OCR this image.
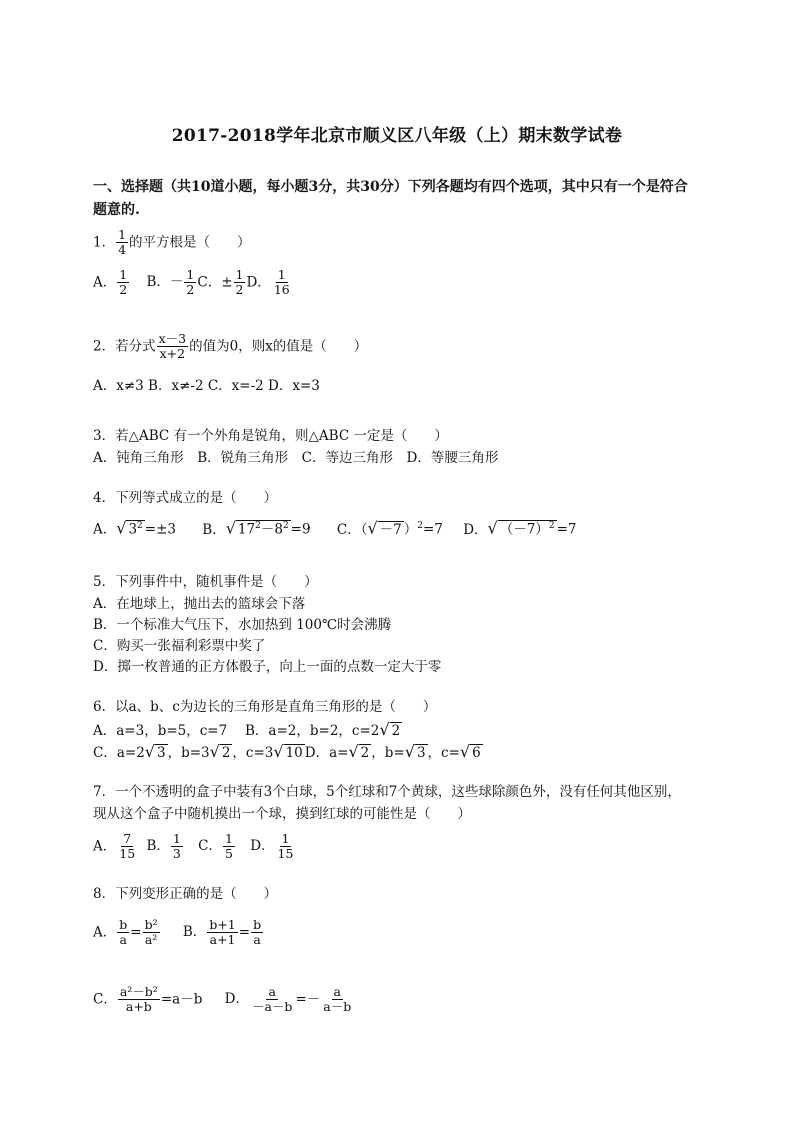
2017-2018学年北京市顺义区八年级（上）期末数学试卷
一、选择题（共10道小题，每小题3分，共30分）下列各题均有四个选项，其中只有一个是符合
题意的.
1． $\frac{1}{4}$ 的平方根是（　　）
A． $\frac{1}{2}$ B．－ $\frac{1}{2}$ C．± $\frac{1}{2}$ D． $\frac{1}{16}$
2．若分式 $\frac{x-3}{x+2}$ 的值为0，则x的值是（　　）
A．x≠3 B．x≠-2 C．x=-2 D．x=3
3．若△ABC 有一个外角是锐角，则△ABC 一定是（　　）
A．钝角三角形　B．锐角三角形　C．等边三角形　D．等腰三角形
4．下列等式成立的是（　　）
A．√ $3^2 =\pm 3$ B．√ $17^2-8^2 =9$ C．（√ －7 ）$^2$=7 D．√ $(-7)^2 =7$
5．下列事件中，随机事件是（　　）
A．在地球上，抛出去的篮球会下落
B．一个标准大气压下，水加热到 100℃时会沸腾
C．购买一张福利彩票中奖了
D．掷一枚普通的正方体骰子，向上一面的点数一定大于零
6．以a、b、c为边长的三角形是直角三角形的是（　　）
A．a=3，b=5，c=7　 B．a=2，b=2，c=2√ 2
C．a=2√ 3 ，b=3√ 2 ，c=3√ 10 D．a=√ 2 ，b=√ 3 ，c=√ 6
7．一个不透明的盒子中装有3个白球，5个红球和7个黄球，这些球除颜色外，没有任何其他区别，
现从这个盒子中随机摸出一个球，摸到红球的可能性是（　　）
A． $\frac{7}{15}$ B． $\frac{1}{3}$ C． $\frac{1}{5}$ D． $\frac{1}{15}$
8．下列变形正确的是（　　）
A． $\frac{b}{a} = \frac{\text{b²}}{\text{a²}}$ B． $\frac{b+1}{a+1} = \frac{b}{a}$
C． $\frac{\text{a²－b²}}{a+b} =a-b$ D． $\frac{a}{-a-b} =- \frac{a}{a-b}$
